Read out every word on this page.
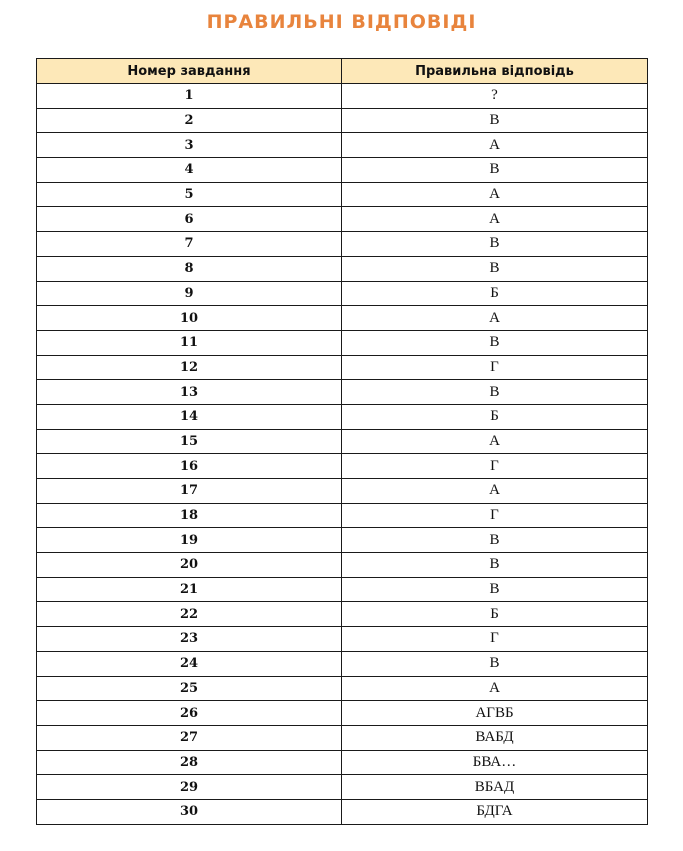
ПРАВИЛЬНІ ВІДПОВІДІ
Номер завдання	Правильна відповідь
1	?
2	В
3	А
4	В
5	А
6	А
7	В
8	В
9	Б
10	А
11	В
12	Г
13	В
14	Б
15	А
16	Г
17	А
18	Г
19	В
20	В
21	В
22	Б
23	Г
24	В
25	А
26	АГВБ
27	ВАБД
28	БВА…
29	ВБАД
30	БДГА
